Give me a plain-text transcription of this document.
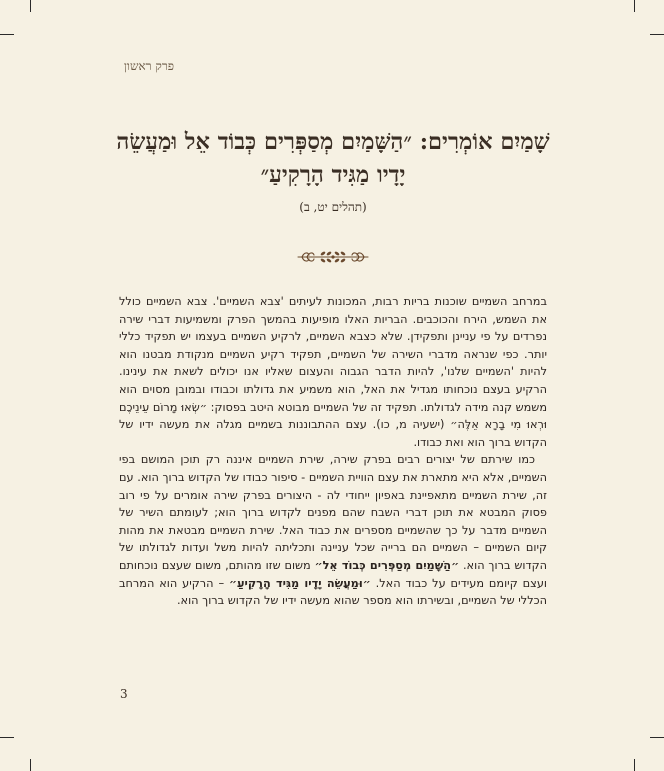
פרק ראשון
שָׁמַיִם אוֹמְרִים: ״הַשָּׁמַיִם מְסַפְּרִים כְּבוֹד אֵל וּמַעֲשֵׂה
יָדָיו מַגִּיד הָרָקִיעַ״
(תהלים יט, ב)

במרחב השמיים שוכנות בריות רבות, המכונות לעיתים 'צבא השמיים'. צבא השמיים כולל את השמש, הירח והכוכבים. הבריות האלו מופיעות בהמשך הפרק ומשמיעות דברי שירה נפרדים על פי עניינן ותפקידן. שלא כצבא השמיים, לרקיע השמיים בעצמו יש תפקיד כללי יותר. כפי שנראה מדברי השירה של השמיים, תפקיד רקיע השמיים מנקודת מבטנו הוא להיות 'השמיים שלנו', להיות הדבר הגבוה והעצום שאליו אנו יכולים לשאת את עינינו. הרקיע בעצם נוכחותו מגדיל את האל, הוא משמיע את גדולתו וכבודו ובמובן מסוים הוא משמש קנה מידה לגדולתו. תפקיד זה של השמיים מבוטא היטב בפסוק: ״שְׂאוּ מָרוֹם עֵינֵיכֶם וּרְאוּ מִי בָרָא אֵלֶּה״ (ישעיה מ, כו). עצם ההתבוננות בשמיים מגלה את מעשה ידיו של הקדוש ברוך הוא ואת כבודו.

כמו שירתם של יצורים רבים בפרק שירה, שירת השמיים איננה רק תוכן המושם בפי השמיים, אלא היא מתארת את עצם הוויית השמיים - סיפור כבודו של הקדוש ברוך הוא. עם זה, שירת השמיים מתאפיינת באפיון ייחודי לה - היצורים בפרק שירה אומרים על פי רוב פסוק המבטא את תוכן דברי השבח שהם מפנים לקדוש ברוך הוא; לעומתם השיר של השמיים מדבר על כך שהשמיים מספרים את כבוד האל. שירת השמיים מבטאת את מהות קיום השמיים – השמיים הם ברייה שכל עניינה ותכליתה להיות משל ועדות לגדולתו של הקדוש ברוך הוא. ״הַשָּׁמַיִם מְסַפְּרִים כְּבוֹד אֵל״ משום שזו מהותם, משום שעצם נוכחותם ועצם קיומם מעידים על כבוד האל. ״וּמַעֲשֵׂה יָדָיו מַגִּיד הָרָקִיעַ״ – הרקיע הוא המרחב הכללי של השמיים, ובשירתו הוא מספר שהוא מעשה ידיו של הקדוש ברוך הוא.

3
